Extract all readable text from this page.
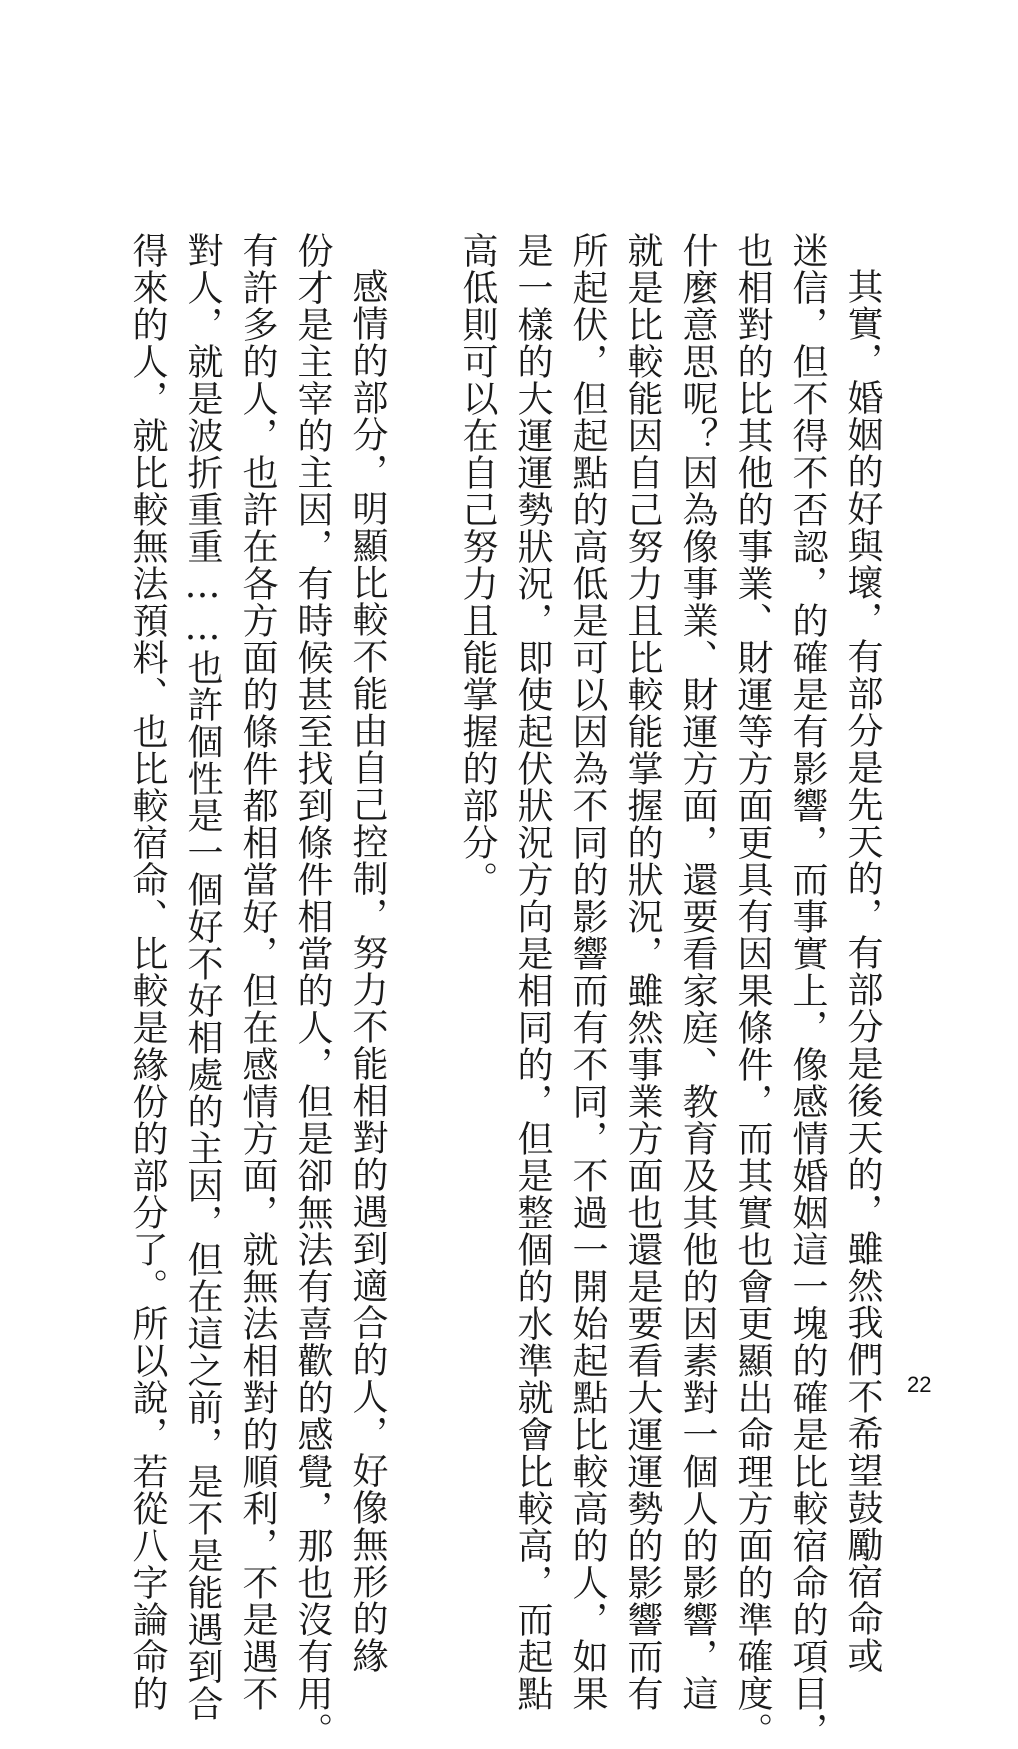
其實，婚姻的好與壞，有部分是先天的，有部分是後天的，雖然我們不希望鼓勵宿命或
迷信，但不得不否認，的確是有影響，而事實上，像感情婚姻這一塊的確是比較宿命的項目，
也相對的比其他的事業、財運等方面更具有因果條件，而其實也會更顯出命理方面的準確度。
什麼意思呢？因為像事業、財運方面，還要看家庭、教育及其他的因素對一個人的影響，這
就是比較能因自己努力且比較能掌握的狀況，雖然事業方面也還是要看大運運勢的影響而有
所起伏，但起點的高低是可以因為不同的影響而有不同，不過一開始起點比較高的人，如果
是一樣的大運運勢狀況，即使起伏狀況方向是相同的，但是整個的水準就會比較高，而起點
高低則可以在自己努力且能掌握的部分。
感情的部分，明顯比較不能由自己控制，努力不能相對的遇到適合的人，好像無形的緣
份才是主宰的主因，有時候甚至找到條件相當的人，但是卻無法有喜歡的感覺，那也沒有用。
有許多的人，也許在各方面的條件都相當好，但在感情方面，就無法相對的順利，不是遇不
對人，就是波折重重……也許個性是一個好不好相處的主因，但在這之前，是不是能遇到合
得來的人，就比較無法預料、也比較宿命、比較是緣份的部分了。所以說，若從八字論命的	22
